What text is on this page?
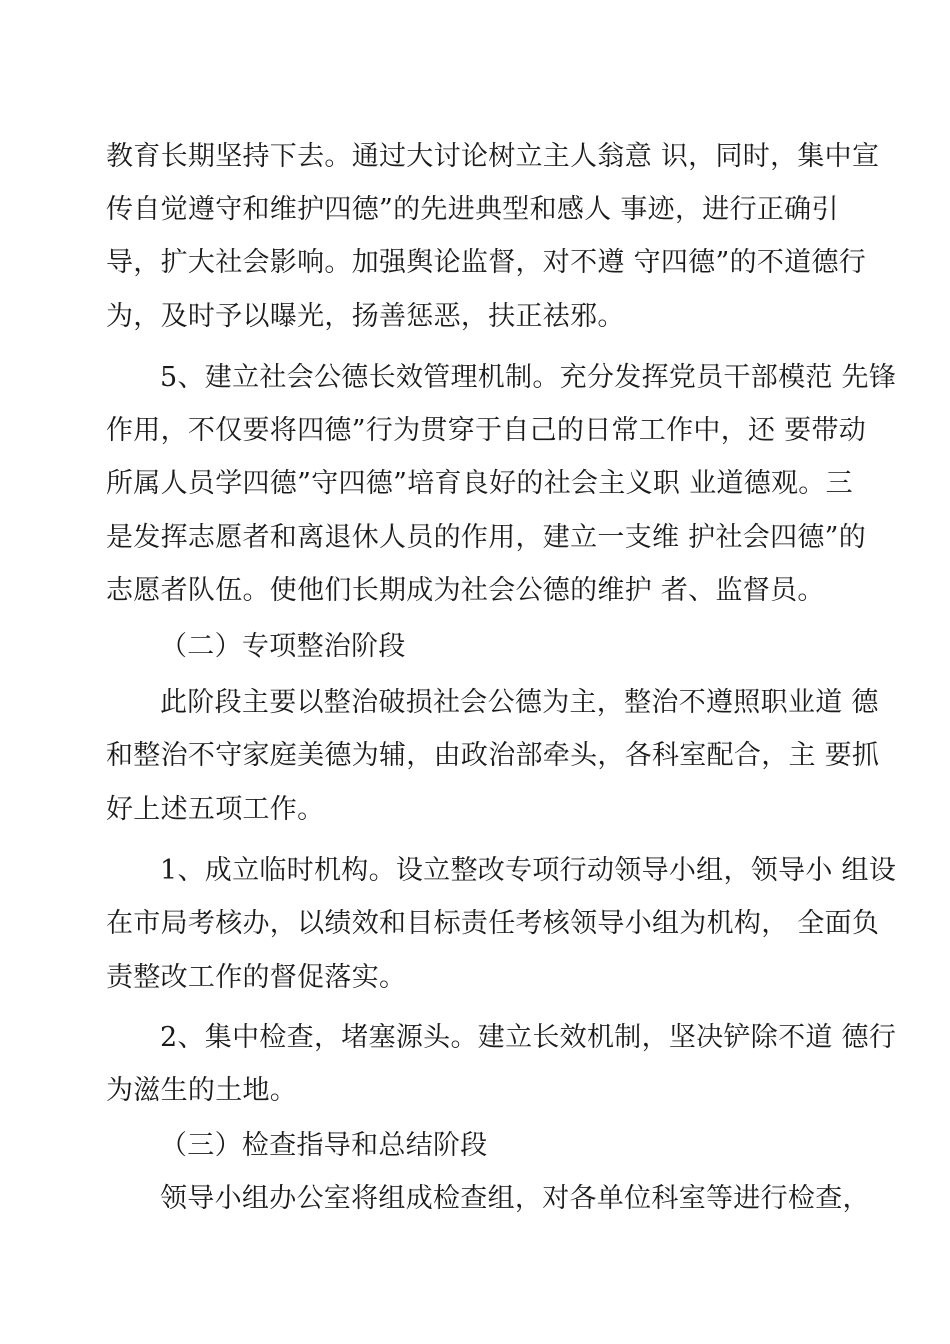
教育长期坚持下去。通过大讨论树立主人翁意 识，同时，集中宣
传自觉遵守和维护四德”的先进典型和感人 事迹，进行正确引
导，扩大社会影响。加强舆论监督，对不遵 守四德”的不道德行
为，及时予以曝光，扬善惩恶，扶正祛邪。
5、建立社会公德长效管理机制。充分发挥党员干部模范 先锋
作用，不仅要将四德”行为贯穿于自己的日常工作中，还 要带动
所属人员学四德”守四德”培育良好的社会主义职 业道德观。三
是发挥志愿者和离退休人员的作用，建立一支维 护社会四德”的
志愿者队伍。使他们长期成为社会公德的维护 者、监督员。
（二）专项整治阶段
此阶段主要以整治破损社会公德为主，整治不遵照职业道 德
和整治不守家庭美德为辅，由政治部牵头，各科室配合，主 要抓
好上述五项工作。
1、成立临时机构。设立整改专项行动领导小组，领导小 组设
在市局考核办，以绩效和目标责任考核领导小组为机构， 全面负
责整改工作的督促落实。
2、集中检查，堵塞源头。建立长效机制，坚决铲除不道 德行
为滋生的土地。
（三）检查指导和总结阶段
领导小组办公室将组成检查组，对各单位科室等进行检查，
